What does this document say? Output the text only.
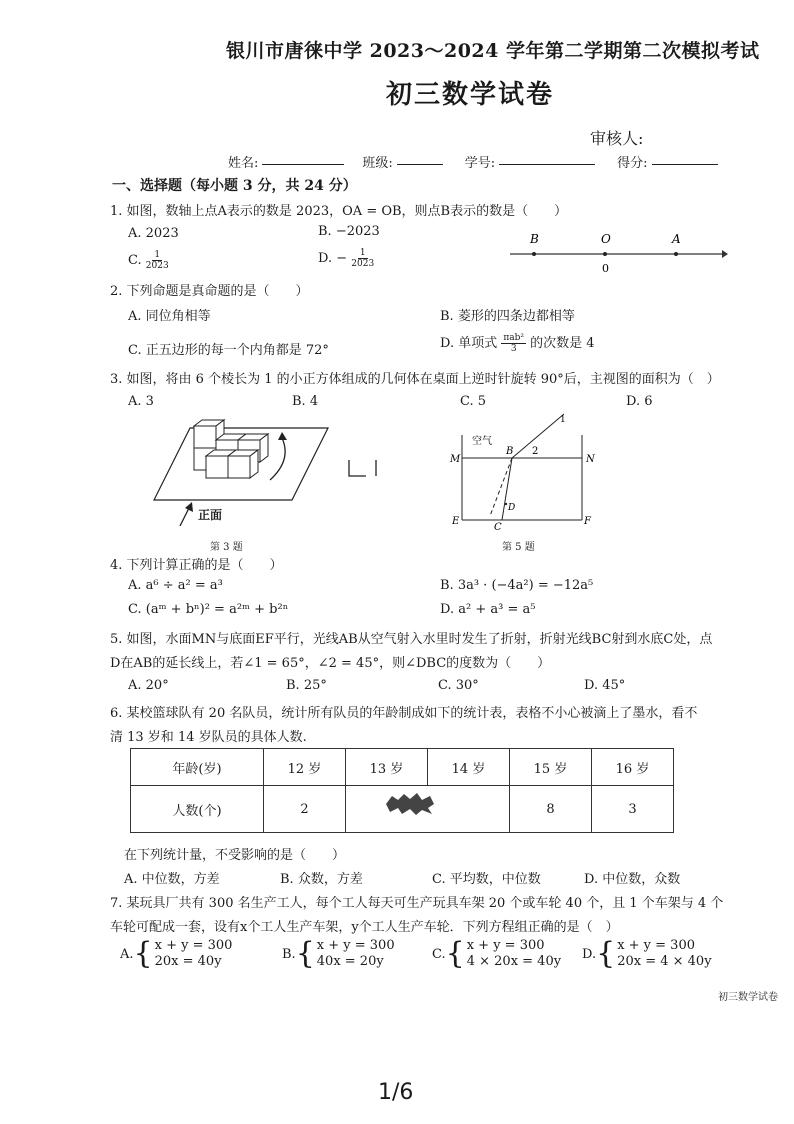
银川市唐徕中学 2023～2024 学年第二学期第二次模拟考试
初三数学试卷
审核人:
姓名:	班级:	学号:	得分:
一、选择题（每小题 3 分，共 24 分）
1. 如图，数轴上点A表示的数是 2023，OA = OB，则点B表示的数是（　　）
A. 2023	B. −2023
C. $\frac{1}{2023}$	D. − $\frac{1}{2023}$
B	O	A
0
2. 下列命题是真命题的是（　　）
A. 同位角相等	B. 菱形的四条边都相等
C. 正五边形的每一个内角都是 72°	D. 单项式 $\frac{\text{πab²}}{3}$ 的次数是 4
3. 如图，将由 6 个棱长为 1 的小正方体组成的几何体在桌面上逆时针旋转 90°后，主视图的面积为（　）
A. 3	B. 4	C. 5	D. 6
正面
第 3 题
空气
M	N
E	F
B
C
D
1
2
第 5 题
4. 下列计算正确的是（　　）
A. a⁶ ÷ a² = a³	B. 3a³ · (−4a²) = −12a⁵
C. (aᵐ + bⁿ)² = a²ᵐ + b²ⁿ	D. a² + a³ = a⁵
5. 如图，水面MN与底面EF平行，光线AB从空气射入水里时发生了折射，折射光线BC射到水底C处，点
D在AB的延长线上，若∠1 = 65°，∠2 = 45°，则∠DBC的度数为（　　）
A. 20°	B. 25°	C. 30°	D. 45°
6. 某校篮球队有 20 名队员，统计所有队员的年龄制成如下的统计表，表格不小心被滴上了墨水，看不
清 13 岁和 14 岁队员的具体人数.
年龄(岁)	12 岁	13 岁	14 岁	15 岁	16 岁
人数(个)	2			8	3
在下列统计量，不受影响的是（　　）
A. 中位数，方差	B. 众数，方差	C. 平均数，中位数	D. 中位数，众数
7. 某玩具厂共有 300 名生产工人，每个工人每天可生产玩具车架 20 个或车轮 40 个，且 1 个车架与 4 个
车轮可配成一套，设有x个工人生产车架，y个工人生产车轮．下列方程组正确的是（　）
A. { x + y = 300
20x = 40y	B. { x + y = 300
40x = 20y	C. { x + y = 300
4 × 20x = 40y D. { x + y = 300
20x = 4 × 40y
初三数学试卷
1/6
